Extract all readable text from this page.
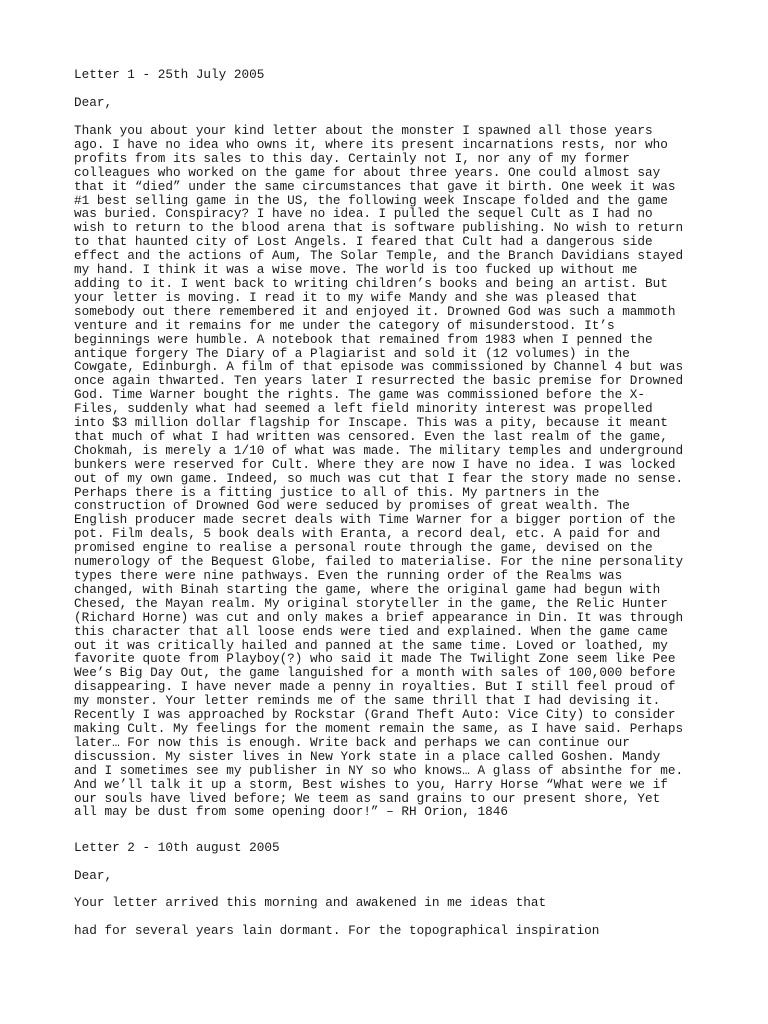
Letter 1 - 25th July 2005

Dear,

Thank you about your kind letter about the monster I spawned all those years
ago. I have no idea who owns it, where its present incarnations rests, nor who
profits from its sales to this day. Certainly not I, nor any of my former
colleagues who worked on the game for about three years. One could almost say
that it “died” under the same circumstances that gave it birth. One week it was
#1 best selling game in the US, the following week Inscape folded and the game
was buried. Conspiracy? I have no idea. I pulled the sequel Cult as I had no
wish to return to the blood arena that is software publishing. No wish to return
to that haunted city of Lost Angels. I feared that Cult had a dangerous side
effect and the actions of Aum, The Solar Temple, and the Branch Davidians stayed
my hand. I think it was a wise move. The world is too fucked up without me
adding to it. I went back to writing children’s books and being an artist. But
your letter is moving. I read it to my wife Mandy and she was pleased that
somebody out there remembered it and enjoyed it. Drowned God was such a mammoth
venture and it remains for me under the category of misunderstood. It’s
beginnings were humble. A notebook that remained from 1983 when I penned the
antique forgery The Diary of a Plagiarist and sold it (12 volumes) in the
Cowgate, Edinburgh. A film of that episode was commissioned by Channel 4 but was
once again thwarted. Ten years later I resurrected the basic premise for Drowned
God. Time Warner bought the rights. The game was commissioned before the X-
Files, suddenly what had seemed a left field minority interest was propelled
into $3 million dollar flagship for Inscape. This was a pity, because it meant
that much of what I had written was censored. Even the last realm of the game,
Chokmah, is merely a 1/10 of what was made. The military temples and underground
bunkers were reserved for Cult. Where they are now I have no idea. I was locked
out of my own game. Indeed, so much was cut that I fear the story made no sense.
Perhaps there is a fitting justice to all of this. My partners in the
construction of Drowned God were seduced by promises of great wealth. The
English producer made secret deals with Time Warner for a bigger portion of the
pot. Film deals, 5 book deals with Eranta, a record deal, etc. A paid for and
promised engine to realise a personal route through the game, devised on the
numerology of the Bequest Globe, failed to materialise. For the nine personality
types there were nine pathways. Even the running order of the Realms was
changed, with Binah starting the game, where the original game had begun with
Chesed, the Mayan realm. My original storyteller in the game, the Relic Hunter
(Richard Horne) was cut and only makes a brief appearance in Din. It was through
this character that all loose ends were tied and explained. When the game came
out it was critically hailed and panned at the same time. Loved or loathed, my
favorite quote from Playboy(?) who said it made The Twilight Zone seem like Pee
Wee’s Big Day Out, the game languished for a month with sales of 100,000 before
disappearing. I have never made a penny in royalties. But I still feel proud of
my monster. Your letter reminds me of the same thrill that I had devising it.
Recently I was approached by Rockstar (Grand Theft Auto: Vice City) to consider
making Cult. My feelings for the moment remain the same, as I have said. Perhaps
later… For now this is enough. Write back and perhaps we can continue our
discussion. My sister lives in New York state in a place called Goshen. Mandy
and I sometimes see my publisher in NY so who knows… A glass of absinthe for me.
And we’ll talk it up a storm, Best wishes to you, Harry Horse “What were we if
our souls have lived before; We teem as sand grains to our present shore, Yet
all may be dust from some opening door!” – RH Orion, 1846

Letter 2 - 10th august 2005

Dear,

Your letter arrived this morning and awakened in me ideas that

had for several years lain dormant. For the topographical inspiration
